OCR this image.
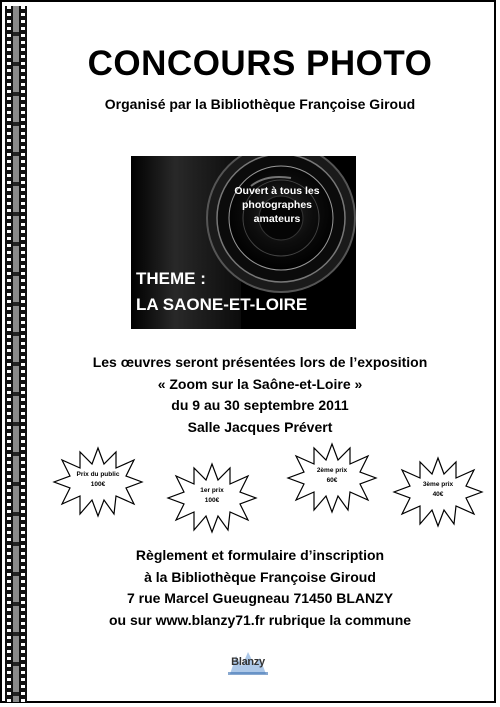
CONCOURS PHOTO
Organisé par la Bibliothèque Françoise Giroud
Ouvert à tous les
photographes
amateurs
THEME :
LA SAONE-ET-LOIRE
Les œuvres seront présentées lors de l’exposition
« Zoom sur la Saône-et-Loire »
du 9 au 30 septembre 2011
Salle Jacques Prévert
Prix du public
100€
1er prix
100€
2ème prix
60€
3ème prix
40€
Règlement et formulaire d’inscription
à la Bibliothèque Françoise Giroud
7 rue Marcel Gueugneau 71450 BLANZY
ou sur www.blanzy71.fr rubrique la commune
Blanzy
